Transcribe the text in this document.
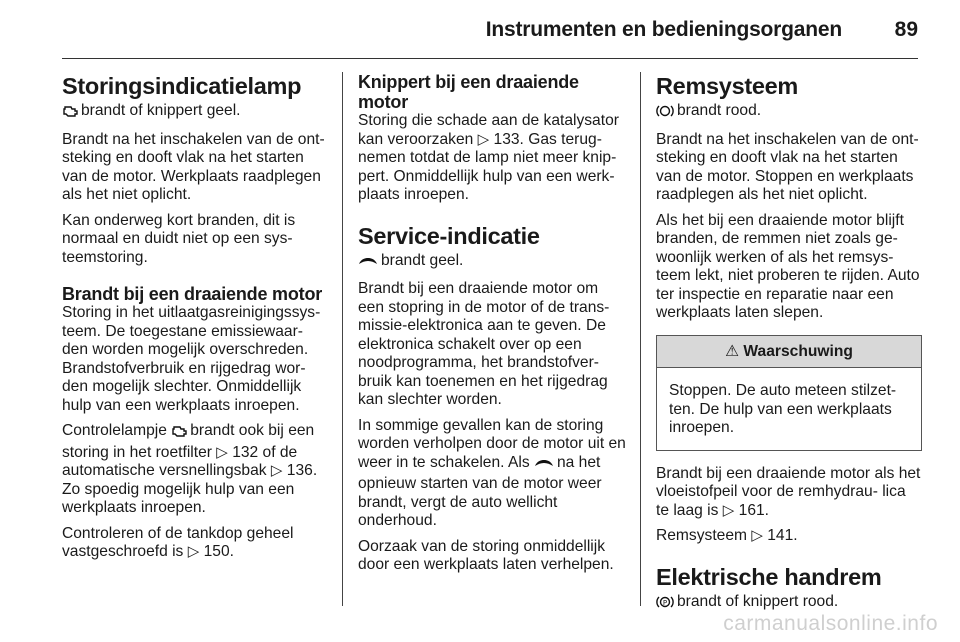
Instrumenten en bedieningsorganen	89
Storingsindicatielamp

brandt of knippert geel.

Brandt na het inschakelen van de ont- steking en dooft vlak na het starten van de motor. Werkplaats raadplegen als het niet oplicht.

Kan onderweg kort branden, dit is normaal en duidt niet op een sys- teemstoring.

Brandt bij een draaiende motor

Storing in het uitlaatgasreinigingssys- teem. De toegestane emissiewaar- den worden mogelijk overschreden. Brandstofverbruik en rijgedrag wor- den mogelijk slechter. Onmiddellijk hulp van een werkplaats inroepen.

Controlelampje brandt ook bij een storing in het roetfilter ▷ 132 of de automatische versnellingsbak ▷ 136. Zo spoedig mogelijk hulp van een werkplaats inroepen.

Controleren of de tankdop geheel vastgeschroefd is ▷ 150.

Knippert bij een draaiende motor

Storing die schade aan de katalysator kan veroorzaken ▷ 133. Gas terug- nemen totdat de lamp niet meer knip- pert. Onmiddellijk hulp van een werk- plaats inroepen.

Service-indicatie

brandt geel.

Brandt bij een draaiende motor om een stopring in de motor of de trans- missie-elektronica aan te geven. De elektronica schakelt over op een noodprogramma, het brandstofver- bruik kan toenemen en het rijgedrag kan slechter worden.

In sommige gevallen kan de storing worden verholpen door de motor uit en weer in te schakelen. Als na het opnieuw starten van de motor weer brandt, vergt de auto wellicht onderhoud.

Oorzaak van de storing onmiddellijk door een werkplaats laten verhelpen.

Remsysteem

brandt rood.

Brandt na het inschakelen van de ont- steking en dooft vlak na het starten van de motor. Stoppen en werkplaats raadplegen als het niet oplicht.

Als het bij een draaiende motor blijft branden, de remmen niet zoals ge- woonlijk werken of als het remsys- teem lekt, niet proberen te rijden. Auto ter inspectie en reparatie naar een werkplaats laten slepen.

⚠ Waarschuwing
Stoppen. De auto meteen stilzet- ten. De hulp van een werkplaats inroepen.

Brandt bij een draaiende motor als het vloeistofpeil voor de remhydrau- lica te laag is ▷ 161.

Remsysteem ▷ 141.

Elektrische handrem

P brandt of knippert rood.

carmanualsonline.info
